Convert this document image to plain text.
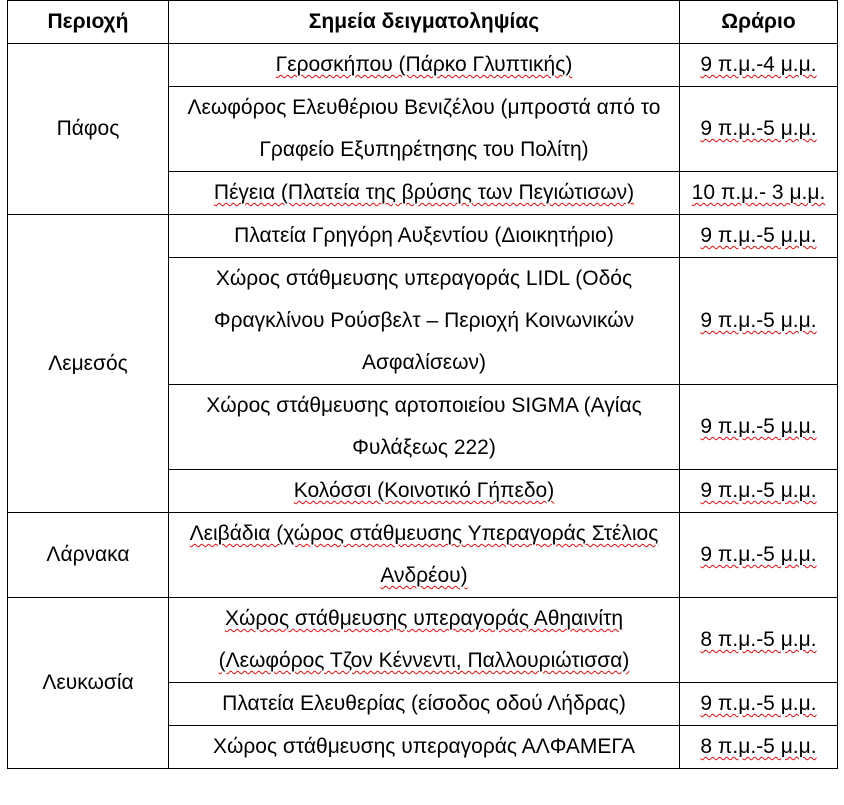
Περιοχή	Σημεία δειγματοληψίας	Ωράριο
Πάφος	Γεροσκήπου (Πάρκο Γλυπτικής)	9 π.μ.-4 μ.μ.
	Λεωφόρος Ελευθέριου Βενιζέλου (μπροστά από το Γραφείο Εξυπηρέτησης του Πολίτη)	9 π.μ.-5 μ.μ.
	Πέγεια (Πλατεία της βρύσης των Πεγιώτισων)	10 π.μ.- 3 μ.μ.
Λεμεσός	Πλατεία Γρηγόρη Αυξεντίου (Διοικητήριο)	9 π.μ.-5 μ.μ.
	Χώρος στάθμευσης υπεραγοράς LIDL (Οδός Φραγκλίνου Ρούσβελτ – Περιοχή Κοινωνικών Ασφαλίσεων)	9 π.μ.-5 μ.μ.
	Χώρος στάθμευσης αρτοποιείου SIGMA (Αγίας Φυλάξεως 222)	9 π.μ.-5 μ.μ.
	Κολόσσι (Κοινοτικό Γήπεδο)	9 π.μ.-5 μ.μ.
Λάρνακα	Λειβάδια (χώρος στάθμευσης Υπεραγοράς Στέλιος Ανδρέου)	9 π.μ.-5 μ.μ.
Λευκωσία	Χώρος στάθμευσης υπεραγοράς Αθηαινίτη (Λεωφόρος Τζον Κέννεντι, Παλλουριώτισσα)	8 π.μ.-5 μ.μ.
	Πλατεία Ελευθερίας (είσοδος οδού Λήδρας)	9 π.μ.-5 μ.μ.
	Χώρος στάθμευσης υπεραγοράς ΑΛΦΑΜΕΓΑ	8 π.μ.-5 μ.μ.
